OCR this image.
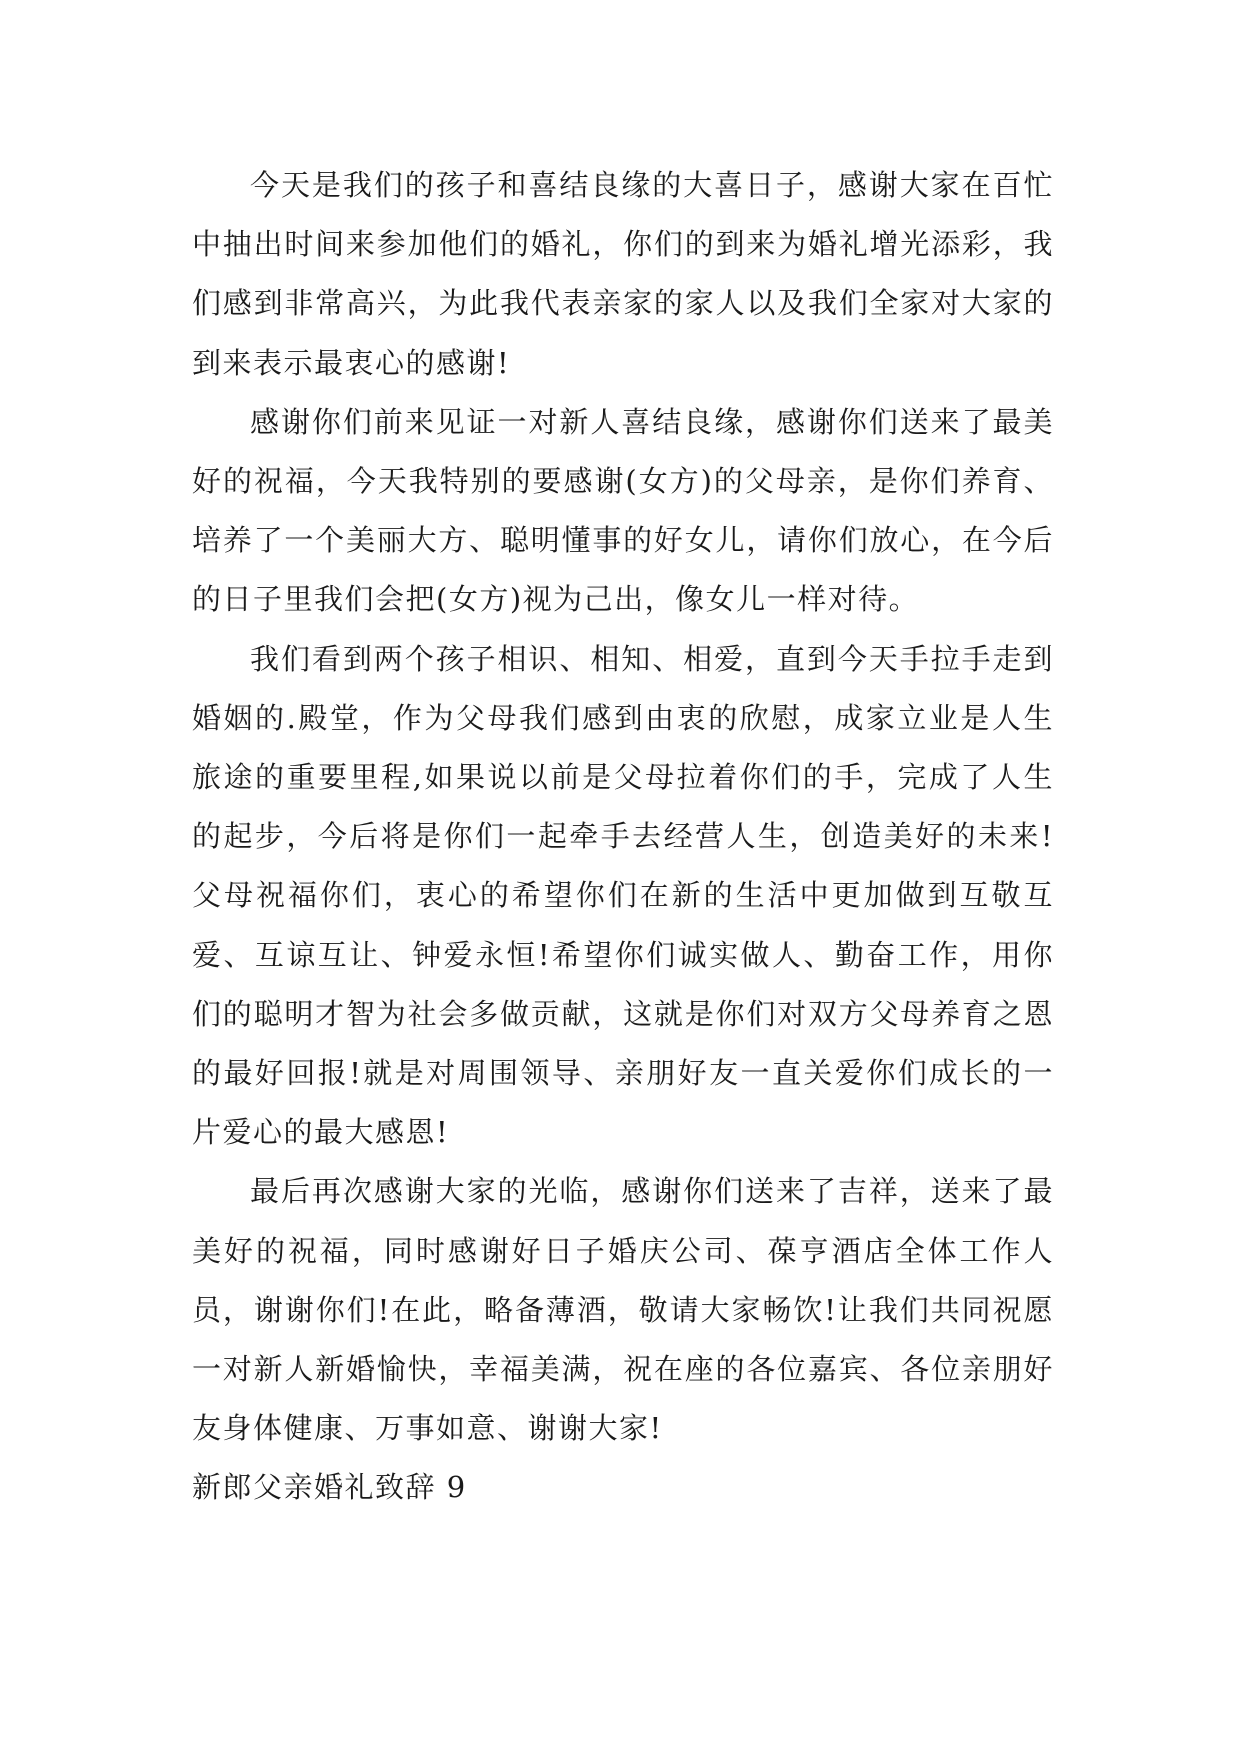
今天是我们的孩子和喜结良缘的大喜日子，感谢大家在百忙中抽出时间来参加他们的婚礼，你们的到来为婚礼增光添彩，我们感到非常高兴，为此我代表亲家的家人以及我们全家对大家的到来表示最衷心的感谢!

感谢你们前来见证一对新人喜结良缘，感谢你们送来了最美好的祝福，今天我特别的要感谢(女方)的父母亲，是你们养育、培养了一个美丽大方、聪明懂事的好女儿，请你们放心，在今后的日子里我们会把(女方)视为己出，像女儿一样对待。

我们看到两个孩子相识、相知、相爱，直到今天手拉手走到婚姻的.殿堂，作为父母我们感到由衷的欣慰，成家立业是人生旅途的重要里程,如果说以前是父母拉着你们的手，完成了人生的起步，今后将是你们一起牵手去经营人生，创造美好的未来!父母祝福你们，衷心的希望你们在新的生活中更加做到互敬互爱、互谅互让、钟爱永恒!希望你们诚实做人、勤奋工作，用你们的聪明才智为社会多做贡献，这就是你们对双方父母养育之恩的最好回报!就是对周围领导、亲朋好友一直关爱你们成长的一片爱心的最大感恩!

最后再次感谢大家的光临，感谢你们送来了吉祥，送来了最美好的祝福，同时感谢好日子婚庆公司、葆亨酒店全体工作人员，谢谢你们!在此，略备薄酒，敬请大家畅饮!让我们共同祝愿一对新人新婚愉快，幸福美满，祝在座的各位嘉宾、各位亲朋好友身体健康、万事如意、谢谢大家!

新郎父亲婚礼致辞 9
